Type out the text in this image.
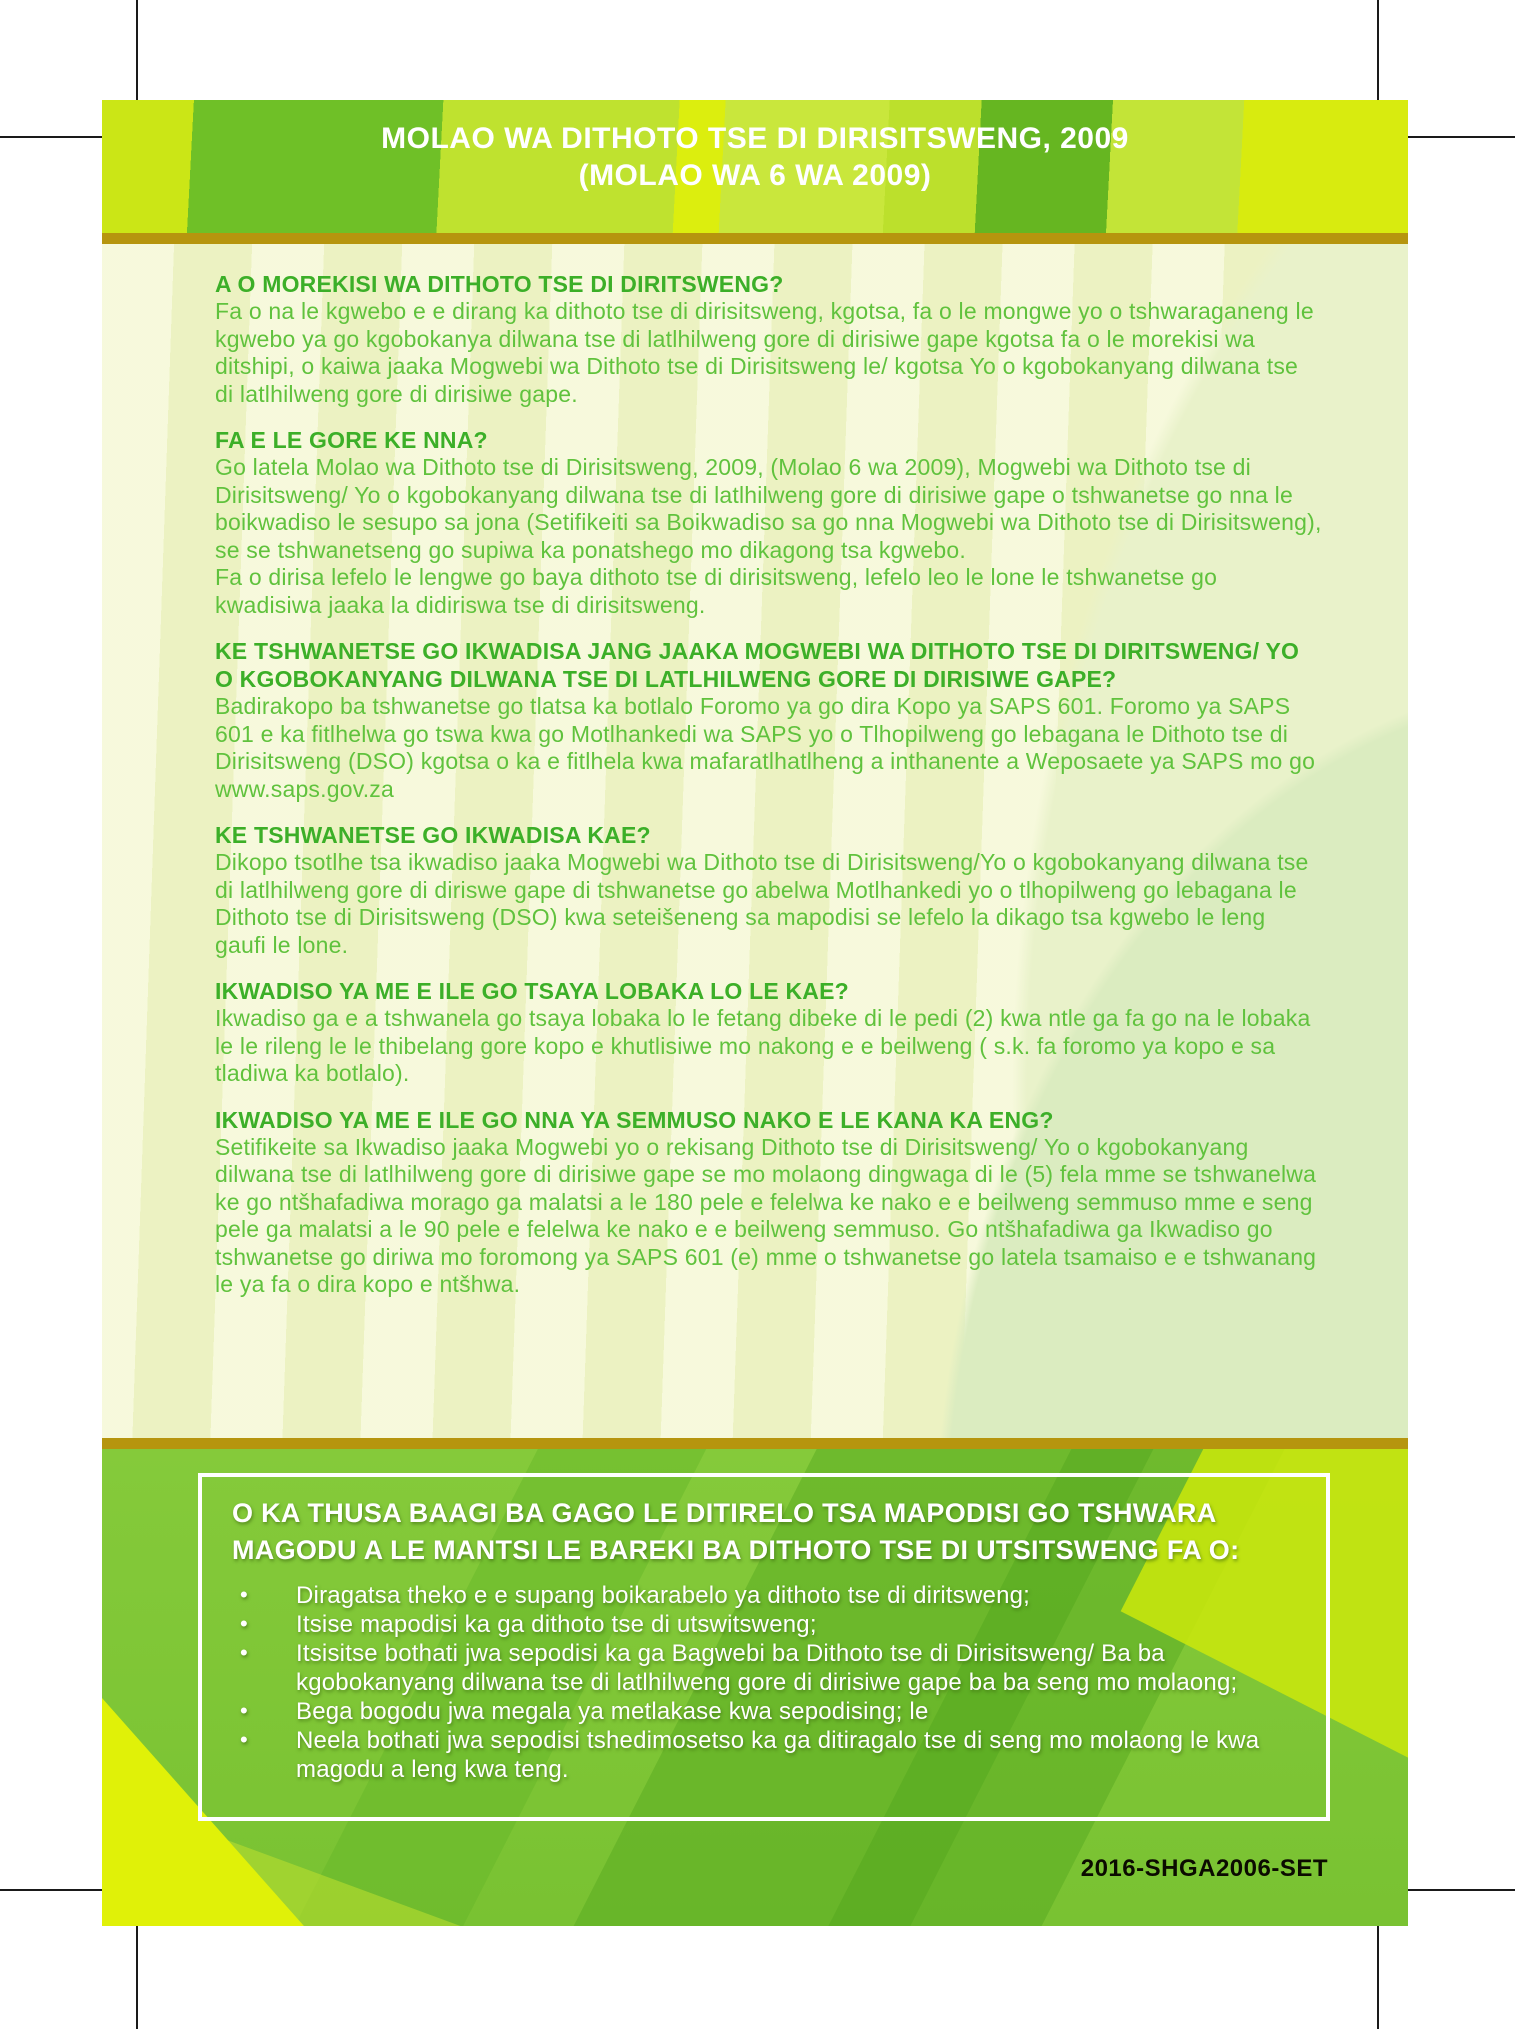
MOLAO WA DITHOTO TSE DI DIRISITSWENG, 2009
(MOLAO WA 6 WA 2009)
A O MOREKISI WA DITHOTO TSE DI DIRITSWENG?

Fa o na le kgwebo e e dirang ka dithoto tse di dirisitsweng, kgotsa, fa o le mongwe yo o tshwaraganeng le kgwebo ya go kgobokanya dilwana tse di latlhilweng gore di dirisiwe gape kgotsa fa o le morekisi wa ditshipi, o kaiwa jaaka Mogwebi wa Dithoto tse di Dirisitsweng le/ kgotsa Yo o kgobokanyang dilwana tse di latlhilweng gore di dirisiwe gape.

FA E LE GORE KE NNA?

Go latela Molao wa Dithoto tse di Dirisitsweng, 2009, (Molao 6 wa 2009), Mogwebi wa Dithoto tse di Dirisitsweng/ Yo o kgobokanyang dilwana tse di latlhilweng gore di dirisiwe gape o tshwanetse go nna le boikwadiso le sesupo sa jona (Setifikeiti sa Boikwadiso sa go nna Mogwebi wa Dithoto tse di Dirisitsweng), se se tshwanetseng go supiwa ka ponatshego mo dikagong tsa kgwebo.

Fa o dirisa lefelo le lengwe go baya dithoto tse di dirisitsweng, lefelo leo le lone le tshwanetse go kwadisiwa jaaka la didiriswa tse di dirisitsweng.

KE TSHWANETSE GO IKWADISA JANG JAAKA MOGWEBI WA DITHOTO TSE DI DIRITSWENG/ YO O KGOBOKANYANG DILWANA TSE DI LATLHILWENG GORE DI DIRISIWE GAPE?

Badirakopo ba tshwanetse go tlatsa ka botlalo Foromo ya go dira Kopo ya SAPS 601. Foromo ya SAPS 601 e ka fitlhelwa go tswa kwa go Motlhankedi wa SAPS yo o Tlhopilweng go lebagana le Dithoto tse di Dirisitsweng (DSO) kgotsa o ka e fitlhela kwa mafaratlhatlheng a inthanente a Weposaete ya SAPS mo go www.saps.gov.za

KE TSHWANETSE GO IKWADISA KAE?

Dikopo tsotlhe tsa ikwadiso jaaka Mogwebi wa Dithoto tse di Dirisitsweng/Yo o kgobokanyang dilwana tse di latlhilweng gore di diriswe gape di tshwanetse go abelwa Motlhankedi yo o tlhopilweng go lebagana le Dithoto tse di Dirisitsweng (DSO) kwa seteišeneng sa mapodisi se lefelo la dikago tsa kgwebo le leng gaufi le lone.

IKWADISO YA ME E ILE GO TSAYA LOBAKA LO LE KAE?

Ikwadiso ga e a tshwanela go tsaya lobaka lo le fetang dibeke di le pedi (2) kwa ntle ga fa go na le lobaka le le rileng le le thibelang gore kopo e khutlisiwe mo nakong e e beilweng ( s.k. fa foromo ya kopo e sa tladiwa ka botlalo).

IKWADISO YA ME E ILE GO NNA YA SEMMUSO NAKO E LE KANA KA ENG?

Setifikeite sa Ikwadiso jaaka Mogwebi yo o rekisang Dithoto tse di Dirisitsweng/ Yo o kgobokanyang dilwana tse di latlhilweng gore di dirisiwe gape se mo molaong dingwaga di le (5) fela mme se tshwanelwa ke go ntšhafadiwa morago ga malatsi a le 180 pele e felelwa ke nako e e beilweng semmuso mme e seng pele ga malatsi a le 90 pele e felelwa ke nako e e beilweng semmuso. Go ntšhafadiwa ga Ikwadiso go tshwanetse go diriwa mo foromong ya SAPS 601 (e) mme o tshwanetse go latela tsamaiso e e tshwanang le ya fa o dira kopo e ntšhwa.

O KA THUSA BAAGI BA GAGO LE DITIRELO TSA MAPODISI GO TSHWARA MAGODU A LE MANTSI LE BAREKI BA DITHOTO TSE DI UTSITSWENG FA O:
• Diragatsa theko e e supang boikarabelo ya dithoto tse di diritsweng;
• Itsise mapodisi ka ga dithoto tse di utswitsweng;
• Itsisitse bothati jwa sepodisi ka ga Bagwebi ba Dithoto tse di Dirisitsweng/ Ba ba kgobokanyang dilwana tse di latlhilweng gore di dirisiwe gape ba ba seng mo molaong;
• Bega bogodu jwa megala ya metlakase kwa sepodising; le
• Neela bothati jwa sepodisi tshedimosetso ka ga ditiragalo tse di seng mo molaong le kwa magodu a leng kwa teng.
2016-SHGA2006-SET
